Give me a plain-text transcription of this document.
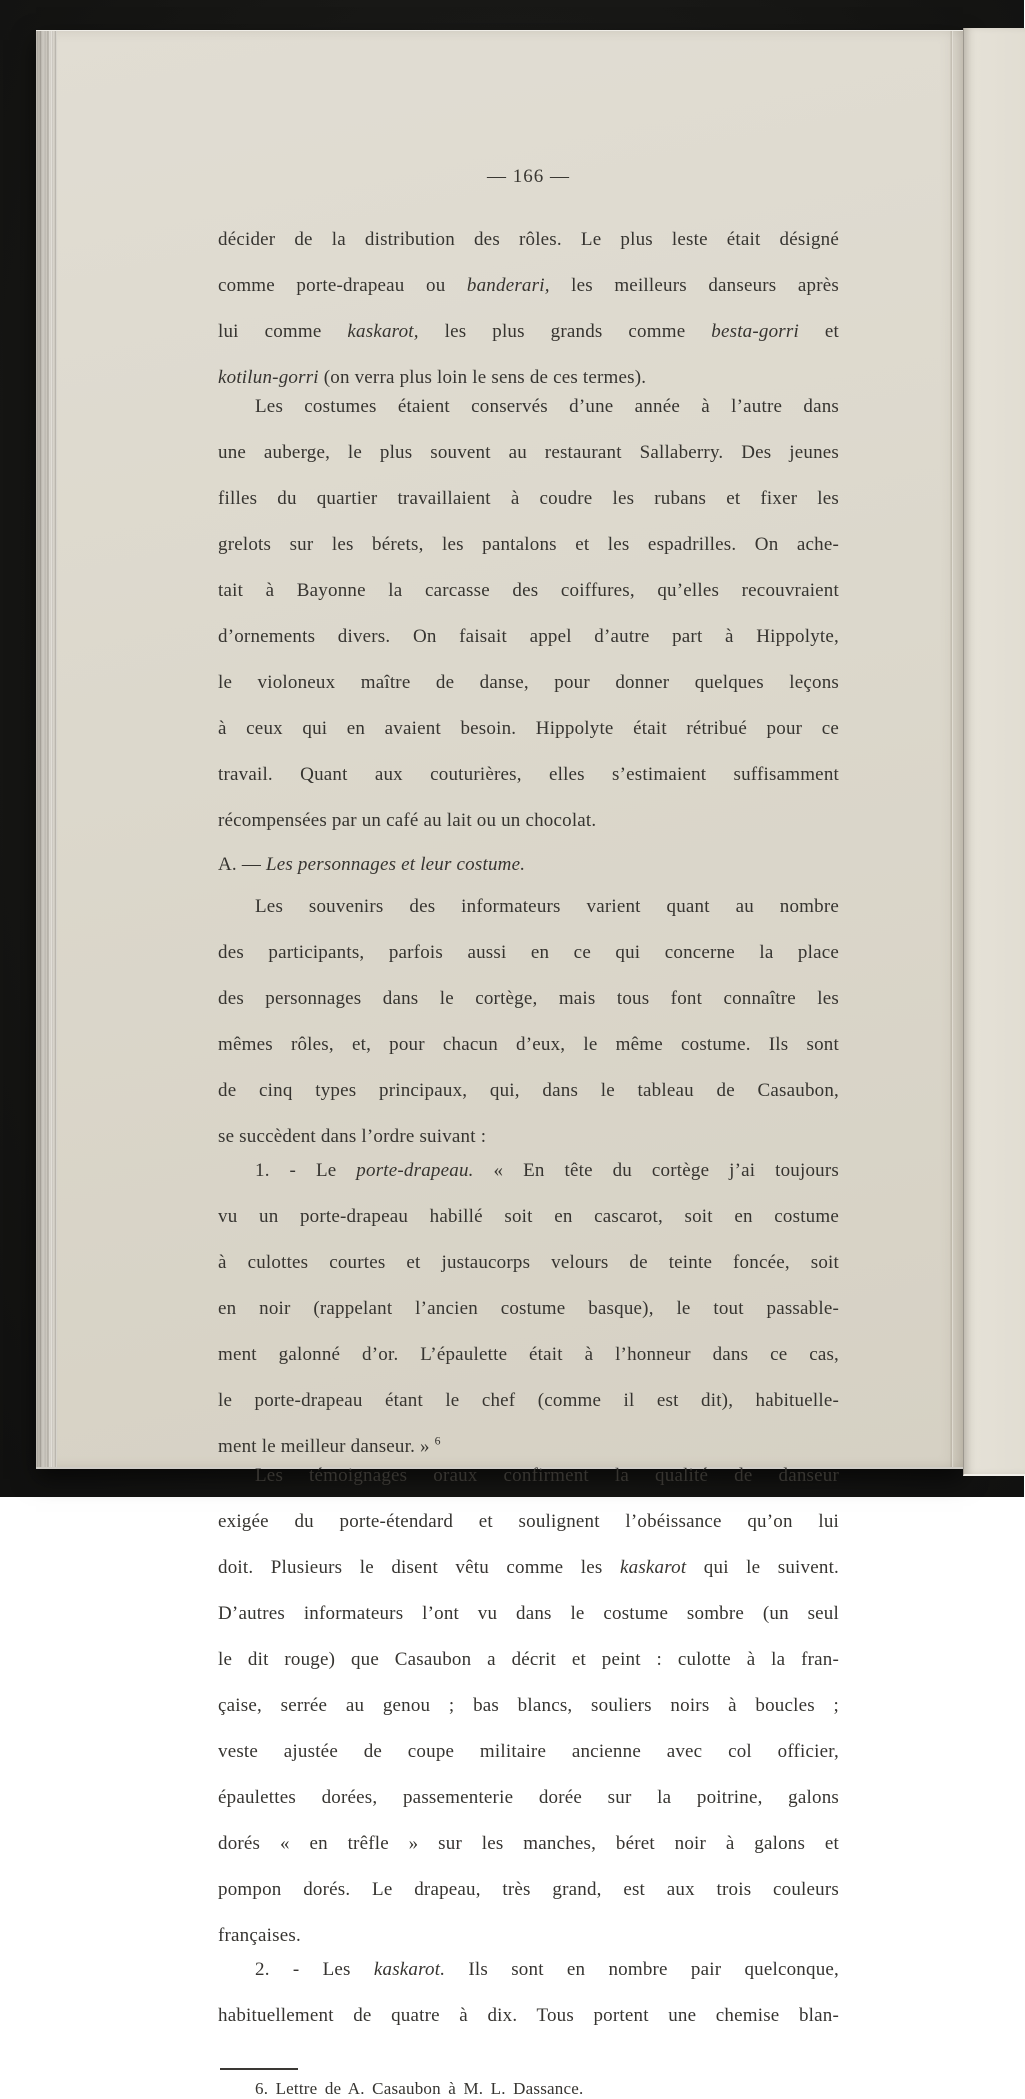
— 166 —
décider de la distribution des rôles. Le plus leste était désigné
comme porte-drapeau ou banderari, les meilleurs danseurs après
lui comme kaskarot, les plus grands comme besta-gorri et
kotilun-gorri (on verra plus loin le sens de ces termes).
Les costumes étaient conservés d’une année à l’autre dans
une auberge, le plus souvent au restaurant Sallaberry. Des jeunes
filles du quartier travaillaient à coudre les rubans et fixer les
grelots sur les bérets, les pantalons et les espadrilles. On ache-
tait à Bayonne la carcasse des coiffures, qu’elles recouvraient
d’ornements divers. On faisait appel d’autre part à Hippolyte,
le violoneux maître de danse, pour donner quelques leçons
à ceux qui en avaient besoin. Hippolyte était rétribué pour ce
travail. Quant aux couturières, elles s’estimaient suffisamment
récompensées par un café au lait ou un chocolat.
A. — Les personnages et leur costume.
Les souvenirs des informateurs varient quant au nombre
des participants, parfois aussi en ce qui concerne la place
des personnages dans le cortège, mais tous font connaître les
mêmes rôles, et, pour chacun d’eux, le même costume. Ils sont
de cinq types principaux, qui, dans le tableau de Casaubon,
se succèdent dans l’ordre suivant :
1. - Le porte-drapeau. « En tête du cortège j’ai toujours
vu un porte-drapeau habillé soit en cascarot, soit en costume
à culottes courtes et justaucorps velours de teinte foncée, soit
en noir (rappelant l’ancien costume basque), le tout passable-
ment galonné d’or. L’épaulette était à l’honneur dans ce cas,
le porte-drapeau étant le chef (comme il est dit), habituelle-
ment le meilleur danseur. » $^6$
Les témoignages oraux confirment la qualité de danseur
exigée du porte-étendard et soulignent l’obéissance qu’on lui
doit. Plusieurs le disent vêtu comme les kaskarot qui le suivent.
D’autres informateurs l’ont vu dans le costume sombre (un seul
le dit rouge) que Casaubon a décrit et peint : culotte à la fran-
çaise, serrée au genou ; bas blancs, souliers noirs à boucles ;
veste ajustée de coupe militaire ancienne avec col officier,
épaulettes dorées, passementerie dorée sur la poitrine, galons
dorés « en trêfle » sur les manches, béret noir à galons et
pompon dorés. Le drapeau, très grand, est aux trois couleurs
françaises.
2. - Les kaskarot. Ils sont en nombre pair quelconque,
habituellement de quatre à dix. Tous portent une chemise blan-
6. Lettre de A. Casaubon à M. L. Dassance.
